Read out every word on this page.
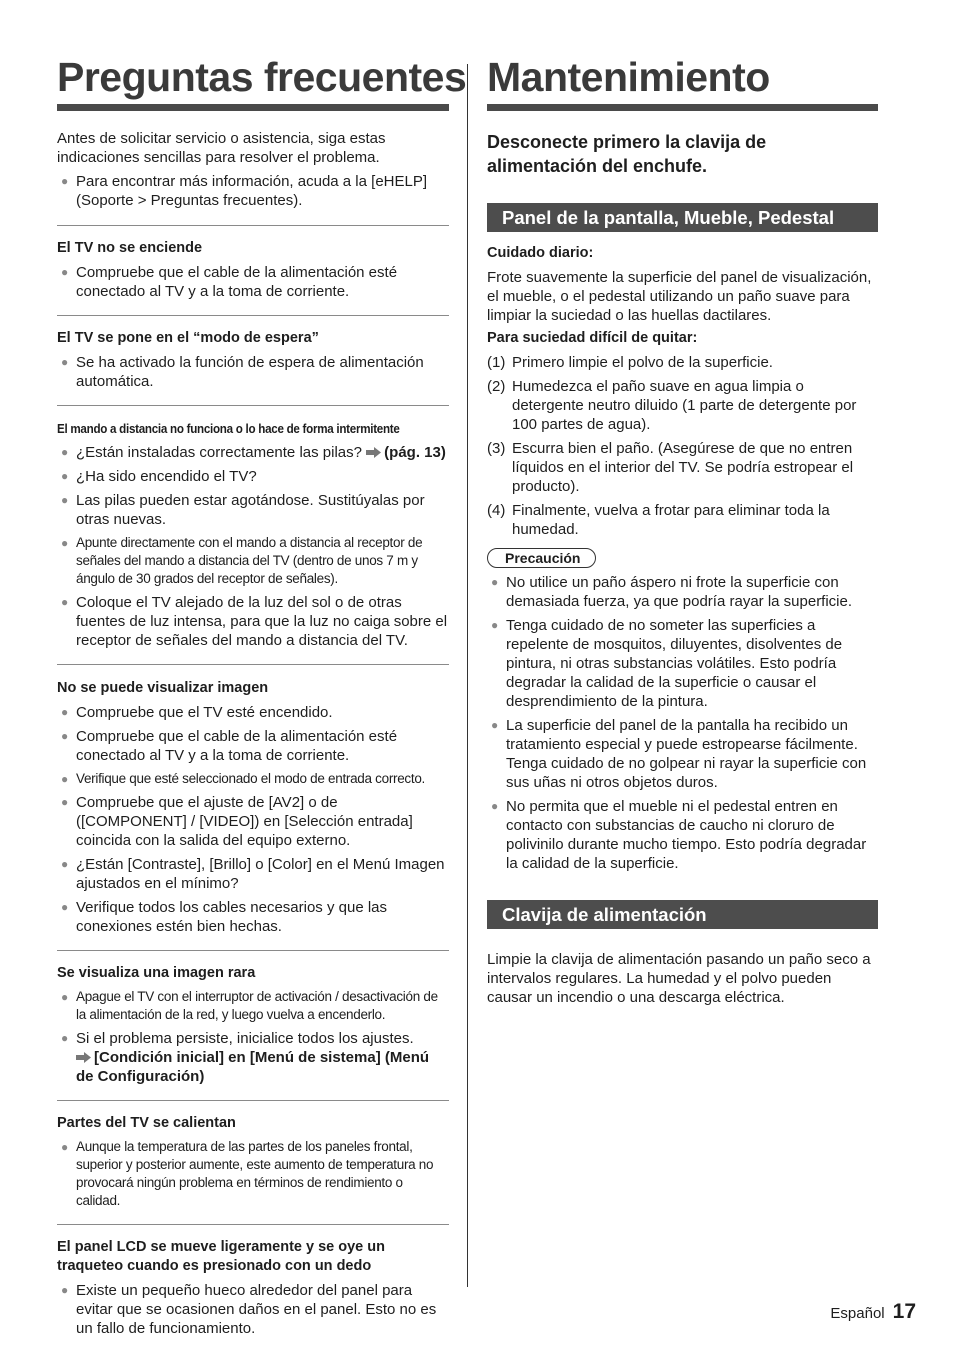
Preguntas frecuentes

Antes de solicitar servicio o asistencia, siga estas indicaciones sencillas para resolver el problema.

● Para encontrar más información, acuda a la [eHELP] (Soporte > Preguntas frecuentes).

El TV no se enciende

● Compruebe que el cable de la alimentación esté conectado al TV y a la toma de corriente.

El TV se pone en el “modo de espera”

● Se ha activado la función de espera de alimentación automática.

El mando a distancia no funciona o lo hace de forma intermitente

● ¿Están instaladas correctamente las pilas? (pág. 13)
● ¿Ha sido encendido el TV?
● Las pilas pueden estar agotándose. Sustitúyalas por otras nuevas.
● Apunte directamente con el mando a distancia al receptor de señales del mando a distancia del TV (dentro de unos 7 m y ángulo de 30 grados del receptor de señales).
● Coloque el TV alejado de la luz del sol o de otras fuentes de luz intensa, para que la luz no caiga sobre el receptor de señales del mando a distancia del TV.

No se puede visualizar imagen

● Compruebe que el TV esté encendido.
● Compruebe que el cable de la alimentación esté conectado al TV y a la toma de corriente.
● Verifique que esté seleccionado el modo de entrada correcto.
● Compruebe que el ajuste de [AV2] o de ([COMPONENT] / [VIDEO]) en [Selección entrada] coincida con la salida del equipo externo.
● ¿Están [Contraste], [Brillo] o [Color] en el Menú Imagen ajustados en el mínimo?
● Verifique todos los cables necesarios y que las conexiones estén bien hechas.

Se visualiza una imagen rara

● Apague el TV con el interruptor de activación / desactivación de la alimentación de la red, y luego vuelva a encenderlo.
● Si el problema persiste, inicialice todos los ajustes.
[Condición inicial] en [Menú de sistema] (Menú de Configuración)

Partes del TV se calientan

● Aunque la temperatura de las partes de los paneles frontal, superior y posterior aumente, este aumento de temperatura no provocará ningún problema en términos de rendimiento o calidad.

El panel LCD se mueve ligeramente y se oye un traqueteo cuando es presionado con un dedo

● Existe un pequeño hueco alrededor del panel para evitar que se ocasionen daños en el panel. Esto no es un fallo de funcionamiento.
Mantenimiento

Desconecte primero la clavija de alimentación del enchufe.

Panel de la pantalla, Mueble, Pedestal

Cuidado diario:

Frote suavemente la superficie del panel de visualización, el mueble, o el pedestal utilizando un paño suave para limpiar la suciedad o las huellas dactilares.

Para suciedad difícil de quitar:

(1) Primero limpie el polvo de la superficie.
(2) Humedezca el paño suave en agua limpia o detergente neutro diluido (1 parte de detergente por 100 partes de agua).
(3) Escurra bien el paño. (Asegúrese de que no entren líquidos en el interior del TV. Se podría estropear el producto).
(4) Finalmente, vuelva a frotar para eliminar toda la humedad.
Precaución
● No utilice un paño áspero ni frote la superficie con demasiada fuerza, ya que podría rayar la superficie.
● Tenga cuidado de no someter las superficies a repelente de mosquitos, diluyentes, disolventes de pintura, ni otras substancias volátiles. Esto podría degradar la calidad de la superficie o causar el desprendimiento de la pintura.
● La superficie del panel de la pantalla ha recibido un tratamiento especial y puede estropearse fácilmente. Tenga cuidado de no golpear ni rayar la superficie con sus uñas ni otros objetos duros.
● No permita que el mueble ni el pedestal entren en contacto con substancias de caucho ni cloruro de polivinilo durante mucho tiempo. Esto podría degradar la calidad de la superficie.
Clavija de alimentación

Limpie la clavija de alimentación pasando un paño seco a intervalos regulares. La humedad y el polvo pueden causar un incendio o una descarga eléctrica.

Español 17
